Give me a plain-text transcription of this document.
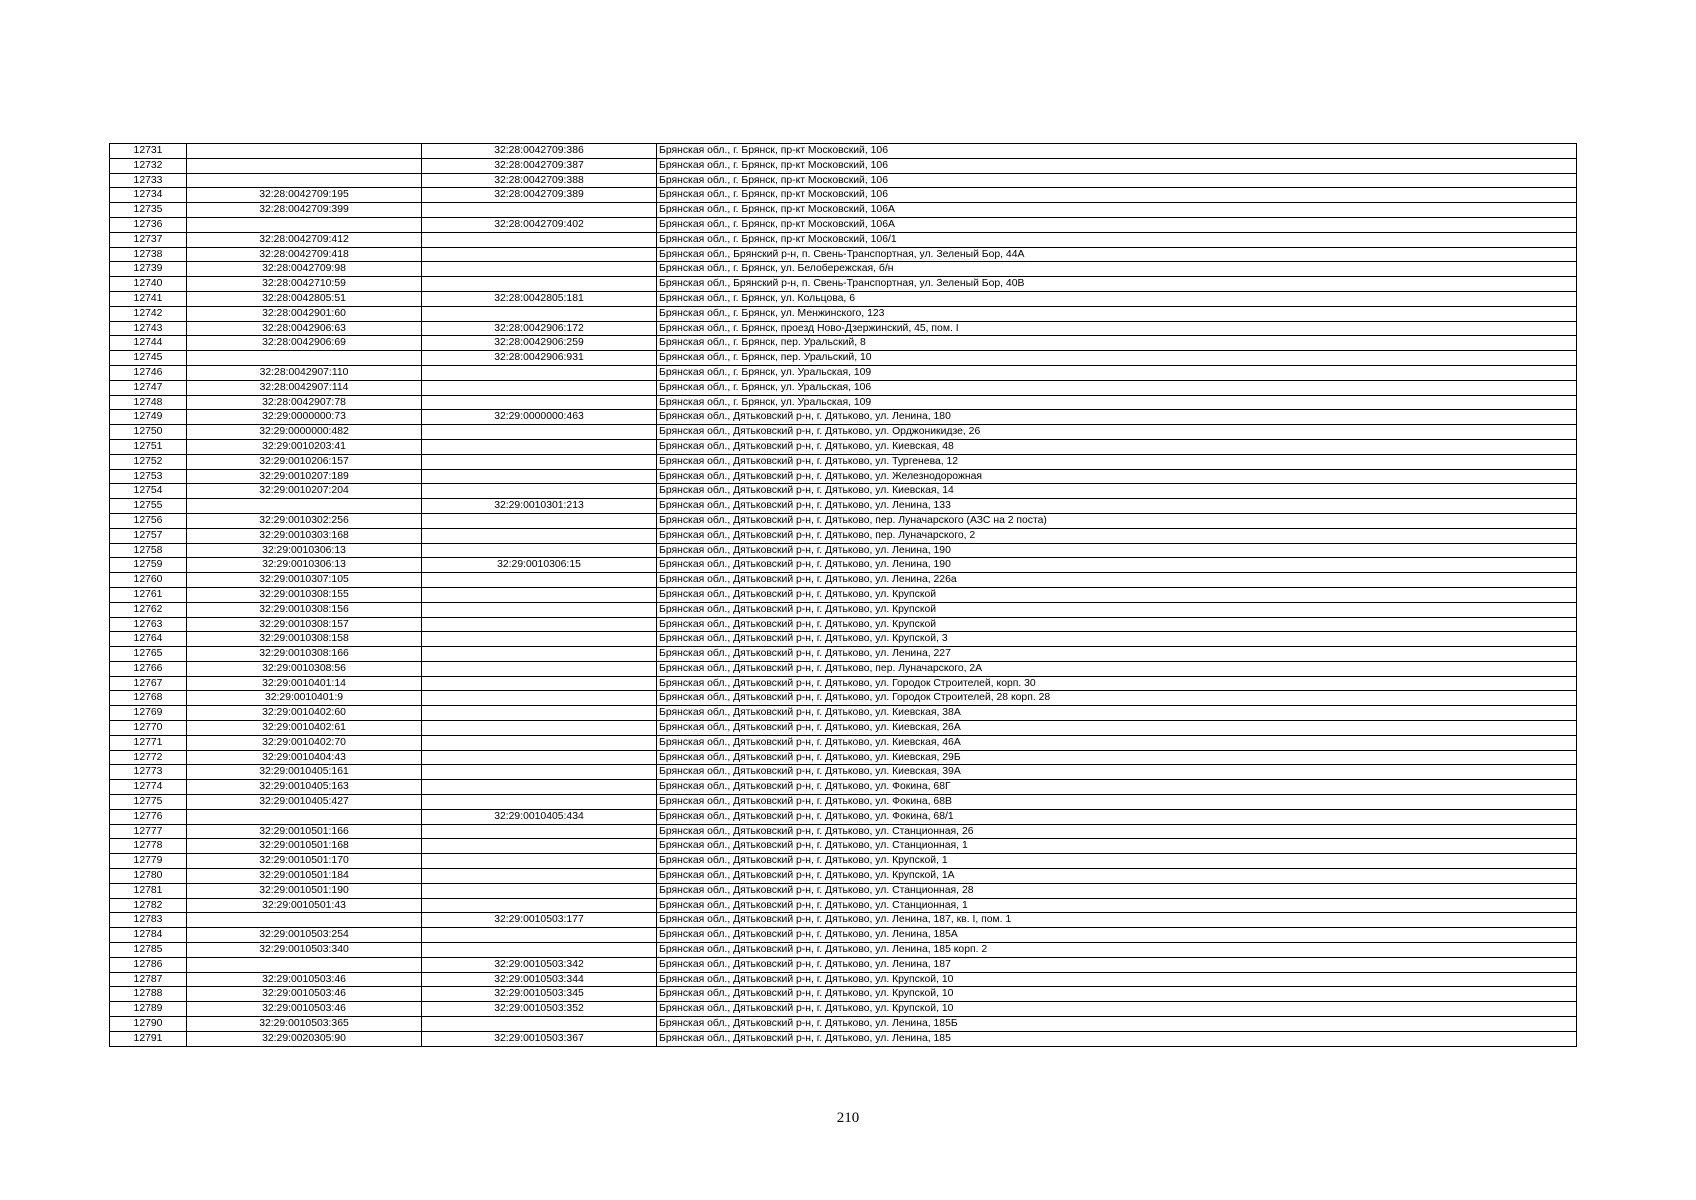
12731		32:28:0042709:386	Брянская обл., г. Брянск, пр-кт Московский, 106
12732		32:28:0042709:387	Брянская обл., г. Брянск, пр-кт Московский, 106
12733		32:28:0042709:388	Брянская обл., г. Брянск, пр-кт Московский, 106
12734	32:28:0042709:195	32:28:0042709:389	Брянская обл., г. Брянск, пр-кт Московский, 106
12735	32:28:0042709:399		Брянская обл., г. Брянск, пр-кт Московский, 106А
12736		32:28:0042709:402	Брянская обл., г. Брянск, пр-кт Московский, 106А
12737	32:28:0042709:412		Брянская обл., г. Брянск, пр-кт Московский, 106/1
12738	32:28:0042709:418		Брянская обл., Брянский р-н, п. Свень-Транспортная, ул. Зеленый Бор, 44А
12739	32:28:0042709:98		Брянская обл., г. Брянск, ул. Белобережская, б/н
12740	32:28:0042710:59		Брянская обл., Брянский р-н, п. Свень-Транспортная, ул. Зеленый Бор, 40В
12741	32:28:0042805:51	32:28:0042805:181	Брянская обл., г. Брянск, ул. Кольцова, 6
12742	32:28:0042901:60		Брянская обл., г. Брянск, ул. Менжинского, 123
12743	32:28:0042906:63	32:28:0042906:172	Брянская обл., г. Брянск, проезд Ново-Дзержинский, 45, пом. I
12744	32:28:0042906:69	32:28:0042906:259	Брянская обл., г. Брянск, пер. Уральский, 8
12745		32:28:0042906:931	Брянская обл., г. Брянск, пер. Уральский, 10
12746	32:28:0042907:110		Брянская обл., г. Брянск, ул. Уральская, 109
12747	32:28:0042907:114		Брянская обл., г. Брянск, ул. Уральская, 106
12748	32:28:0042907:78		Брянская обл., г. Брянск, ул. Уральская, 109
12749	32:29:0000000:73	32:29:0000000:463	Брянская обл., Дятьковский р-н, г. Дятьково, ул. Ленина, 180
12750	32:29:0000000:482		Брянская обл., Дятьковский р-н, г. Дятьково, ул. Орджоникидзе, 26
12751	32:29:0010203:41		Брянская обл., Дятьковский р-н, г. Дятьково, ул. Киевская, 48
12752	32:29:0010206:157		Брянская обл., Дятьковский р-н, г. Дятьково, ул. Тургенева, 12
12753	32:29:0010207:189		Брянская обл., Дятьковский р-н, г. Дятьково, ул. Железнодорожная
12754	32:29:0010207:204		Брянская обл., Дятьковский р-н, г. Дятьково, ул. Киевская, 14
12755		32:29:0010301:213	Брянская обл., Дятьковский р-н, г. Дятьково, ул. Ленина, 133
12756	32:29:0010302:256		Брянская обл., Дятьковский р-н, г. Дятьково, пер. Луначарского (АЗС на 2 поста)
12757	32:29:0010303:168		Брянская обл., Дятьковский р-н, г. Дятьково, пер. Луначарского, 2
12758	32:29:0010306:13		Брянская обл., Дятьковский р-н, г. Дятьково, ул. Ленина, 190
12759	32:29:0010306:13	32:29:0010306:15	Брянская обл., Дятьковский р-н, г. Дятьково, ул. Ленина, 190
12760	32:29:0010307:105		Брянская обл., Дятьковский р-н, г. Дятьково, ул. Ленина, 226а
12761	32:29:0010308:155		Брянская обл., Дятьковский р-н, г. Дятьково, ул. Крупской
12762	32:29:0010308:156		Брянская обл., Дятьковский р-н, г. Дятьково, ул. Крупской
12763	32:29:0010308:157		Брянская обл., Дятьковский р-н, г. Дятьково, ул. Крупской
12764	32:29:0010308:158		Брянская обл., Дятьковский р-н, г. Дятьково, ул. Крупской, 3
12765	32:29:0010308:166		Брянская обл., Дятьковский р-н, г. Дятьково, ул. Ленина, 227
12766	32:29:0010308:56		Брянская обл., Дятьковский р-н, г. Дятьково, пер. Луначарского, 2А
12767	32:29:0010401:14		Брянская обл., Дятьковский р-н, г. Дятьково, ул. Городок Строителей, корп. 30
12768	32:29:0010401:9		Брянская обл., Дятьковский р-н, г. Дятьково, ул. Городок Строителей, 28 корп. 28
12769	32:29:0010402:60		Брянская обл., Дятьковский р-н, г. Дятьково, ул. Киевская, 38А
12770	32:29:0010402:61		Брянская обл., Дятьковский р-н, г. Дятьково, ул. Киевская, 26А
12771	32:29:0010402:70		Брянская обл., Дятьковский р-н, г. Дятьково, ул. Киевская, 46А
12772	32:29:0010404:43		Брянская обл., Дятьковский р-н, г. Дятьково, ул. Киевская, 29Б
12773	32:29:0010405:161		Брянская обл., Дятьковский р-н, г. Дятьково, ул. Киевская, 39А
12774	32:29:0010405:163		Брянская обл., Дятьковский р-н, г. Дятьково, ул. Фокина, 68Г
12775	32:29:0010405:427		Брянская обл., Дятьковский р-н, г. Дятьково, ул. Фокина, 68В
12776		32:29:0010405:434	Брянская обл., Дятьковский р-н, г. Дятьково, ул. Фокина, 68/1
12777	32:29:0010501:166		Брянская обл., Дятьковский р-н, г. Дятьково, ул. Станционная, 26
12778	32:29:0010501:168		Брянская обл., Дятьковский р-н, г. Дятьково, ул. Станционная, 1
12779	32:29:0010501:170		Брянская обл., Дятьковский р-н, г. Дятьково, ул. Крупской, 1
12780	32:29:0010501:184		Брянская обл., Дятьковский р-н, г. Дятьково, ул. Крупской, 1А
12781	32:29:0010501:190		Брянская обл., Дятьковский р-н, г. Дятьково, ул. Станционная, 28
12782	32:29:0010501:43		Брянская обл., Дятьковский р-н, г. Дятьково, ул. Станционная, 1
12783		32:29:0010503:177	Брянская обл., Дятьковский р-н, г. Дятьково, ул. Ленина, 187, кв. I, пом. 1
12784	32:29:0010503:254		Брянская обл., Дятьковский р-н, г. Дятьково, ул. Ленина, 185А
12785	32:29:0010503:340		Брянская обл., Дятьковский р-н, г. Дятьково, ул. Ленина, 185 корп. 2
12786		32:29:0010503:342	Брянская обл., Дятьковский р-н, г. Дятьково, ул. Ленина, 187
12787	32:29:0010503:46	32:29:0010503:344	Брянская обл., Дятьковский р-н, г. Дятьково, ул. Крупской, 10
12788	32:29:0010503:46	32:29:0010503:345	Брянская обл., Дятьковский р-н, г. Дятьково, ул. Крупской, 10
12789	32:29:0010503:46	32:29:0010503:352	Брянская обл., Дятьковский р-н, г. Дятьково, ул. Крупской, 10
12790	32:29:0010503:365		Брянская обл., Дятьковский р-н, г. Дятьково, ул. Ленина, 185Б
12791	32:29:0020305:90	32:29:0010503:367	Брянская обл., Дятьковский р-н, г. Дятьково, ул. Ленина, 185
210
